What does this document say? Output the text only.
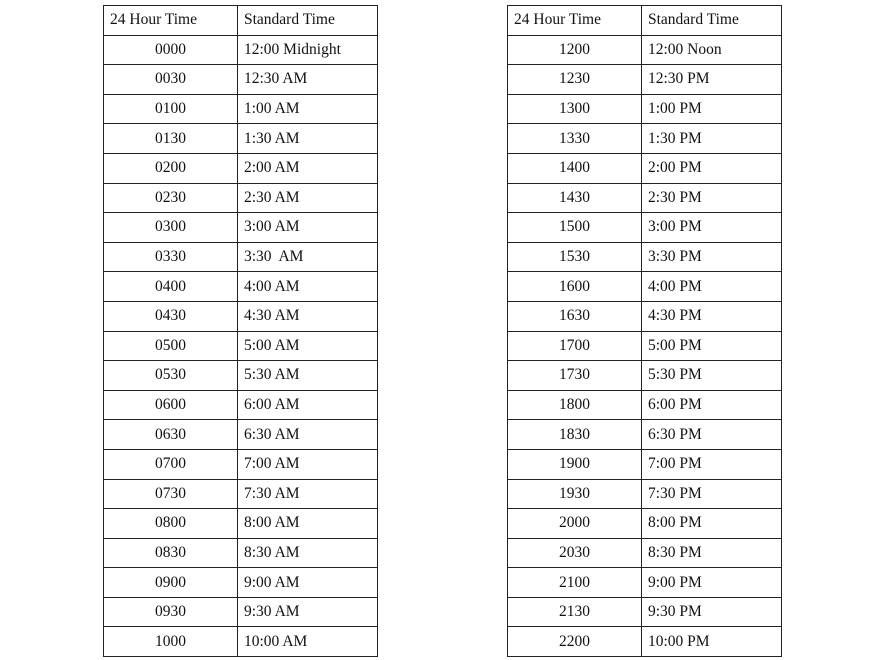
24 Hour Time	Standard Time
0000	12:00 Midnight
0030	12:30 AM
0100	1:00 AM
0130	1:30 AM
0200	2:00 AM
0230	2:30 AM
0300	3:00 AM
0330	3:30  AM
0400	4:00 AM
0430	4:30 AM
0500	5:00 AM
0530	5:30 AM
0600	6:00 AM
0630	6:30 AM
0700	7:00 AM
0730	7:30 AM
0800	8:00 AM
0830	8:30 AM
0900	9:00 AM
0930	9:30 AM
1000	10:00 AM
24 Hour Time	Standard Time
1200	12:00 Noon
1230	12:30 PM
1300	1:00 PM
1330	1:30 PM
1400	2:00 PM
1430	2:30 PM
1500	3:00 PM
1530	3:30 PM
1600	4:00 PM
1630	4:30 PM
1700	5:00 PM
1730	5:30 PM
1800	6:00 PM
1830	6:30 PM
1900	7:00 PM
1930	7:30 PM
2000	8:00 PM
2030	8:30 PM
2100	9:00 PM
2130	9:30 PM
2200	10:00 PM
